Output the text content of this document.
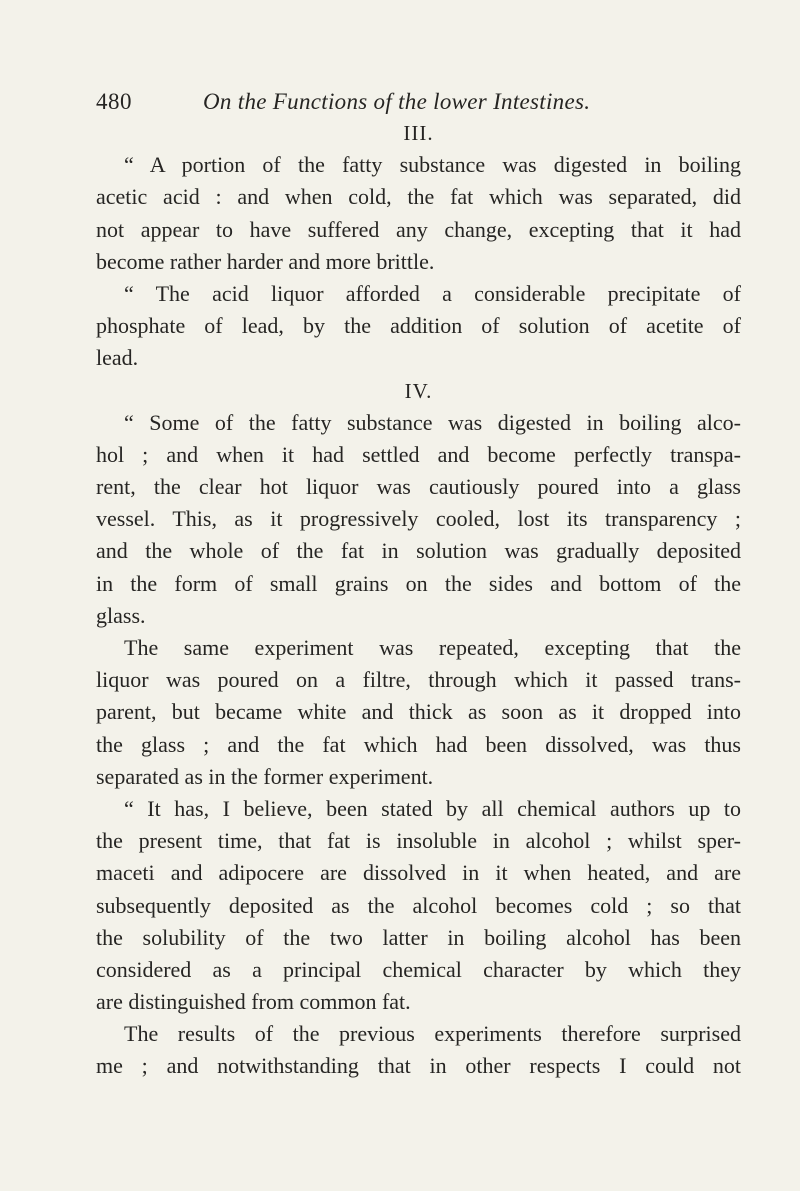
480	On the Functions of the lower Intestines.
III.
“ A portion of the fatty substance was digested in boiling
acetic acid : and when cold, the fat which was separated, did
not appear to have suffered any change, excepting that it had
become rather harder and more brittle.
“ The acid liquor afforded a considerable precipitate of
phosphate of lead, by the addition of solution of acetite of
lead.
IV.
“ Some of the fatty substance was digested in boiling alco-
hol ; and when it had settled and become perfectly transpa-
rent, the clear hot liquor was cautiously poured into a glass
vessel. This, as it progressively cooled, lost its transparency ;
and the whole of the fat in solution was gradually deposited
in the form of small grains on the sides and bottom of the
glass.
The same experiment was repeated, excepting that the
liquor was poured on a filtre, through which it passed trans-
parent, but became white and thick as soon as it dropped into
the glass ; and the fat which had been dissolved, was thus
separated as in the former experiment.
“ It has, I believe, been stated by all chemical authors up to
the present time, that fat is insoluble in alcohol ; whilst sper-
maceti and adipocere are dissolved in it when heated, and are
subsequently deposited as the alcohol becomes cold ; so that
the solubility of the two latter in boiling alcohol has been
considered as a principal chemical character by which they
are distinguished from common fat.
The results of the previous experiments therefore surprised
me ; and notwithstanding that in other respects I could not
